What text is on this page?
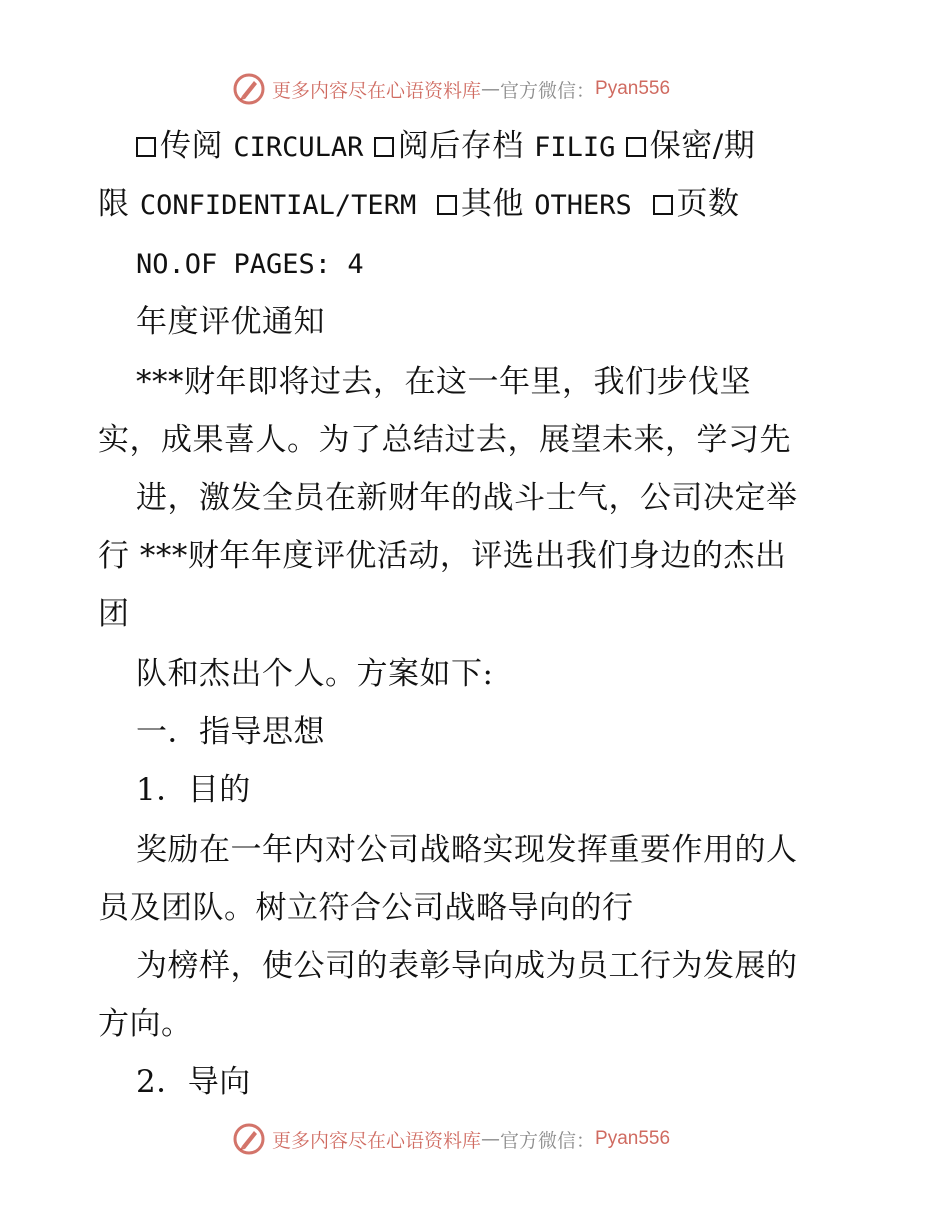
更多内容尽在心语资料库 — 官方微信： Pyan556
传阅 CIRCULAR 阅后存档 FILIG 保密/期
限 CONFIDENTIAL/TERM 其他 OTHERS 页数
NO.OF PAGES: 4
年度评优通知
***财年即将过去，在这一年里，我们步伐坚
实，成果喜人。为了总结过去，展望未来，学习先
进，激发全员在新财年的战斗士气，公司决定举
行 ***财年年度评优活动，评选出我们身边的杰出
团
队和杰出个人。方案如下:
一．指导思想
1．目的
奖励在一年内对公司战略实现发挥重要作用的人
员及团队。树立符合公司战略导向的行
为榜样，使公司的表彰导向成为员工行为发展的
方向。
2．导向
更多内容尽在心语资料库 — 官方微信： Pyan556
